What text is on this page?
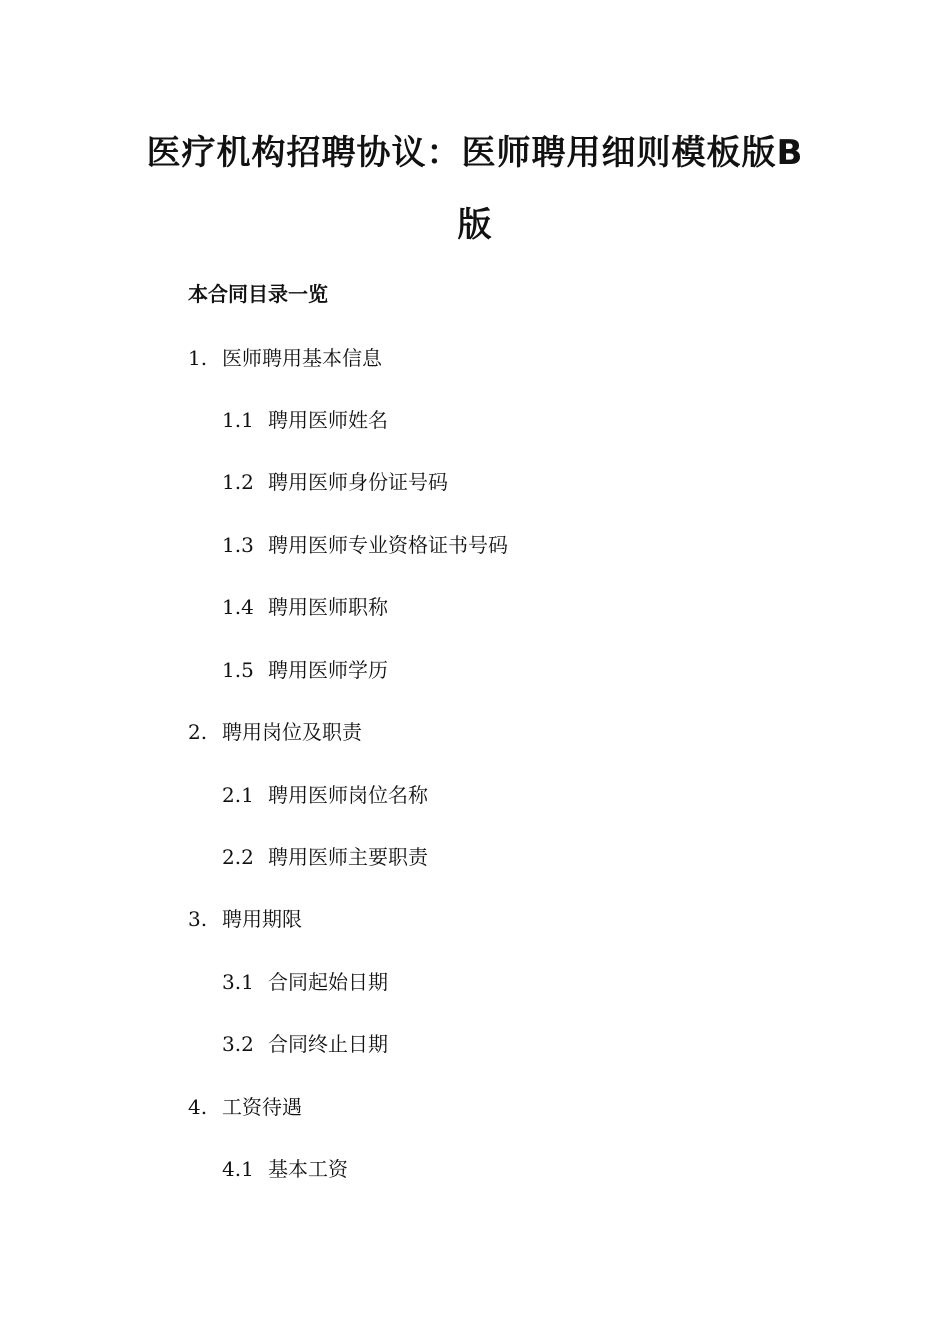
医疗机构招聘协议：医师聘用细则模板版B
版
本合同目录一览
1. 医师聘用基本信息
1.1 聘用医师姓名
1.2 聘用医师身份证号码
1.3 聘用医师专业资格证书号码
1.4 聘用医师职称
1.5 聘用医师学历
2. 聘用岗位及职责
2.1 聘用医师岗位名称
2.2 聘用医师主要职责
3. 聘用期限
3.1 合同起始日期
3.2 合同终止日期
4. 工资待遇
4.1 基本工资
